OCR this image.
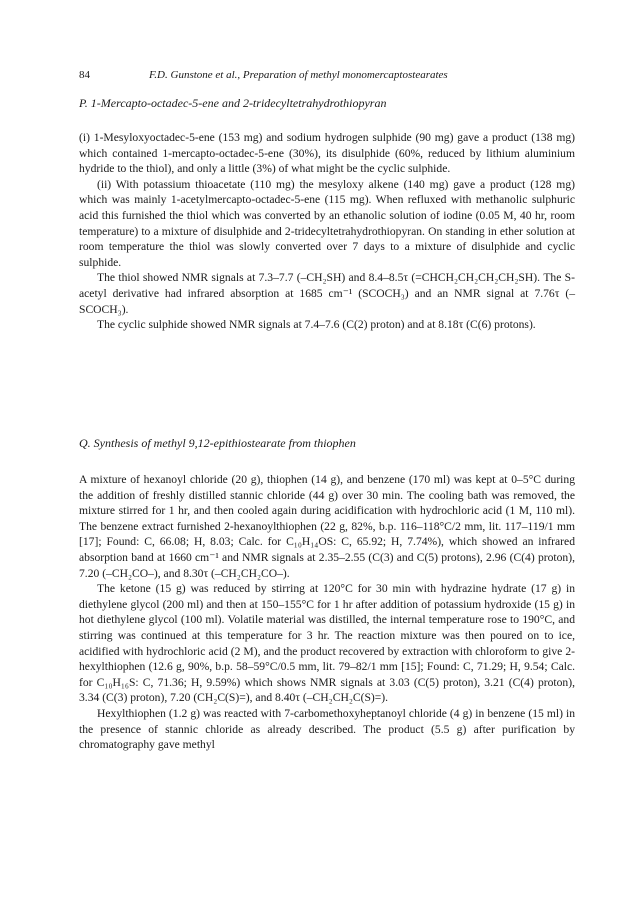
84	F.D. Gunstone et al., Preparation of methyl monomercaptostearates
P. 1-Mercapto-octadec-5-ene and 2-tridecyltetrahydrothiopyran

(i) 1-Mesyloxyoctadec-5-ene (153 mg) and sodium hydrogen sulphide (90 mg) gave a product (138 mg) which contained 1-mercapto-octadec-5-ene (30%), its disulphide (60%, reduced by lithium aluminium hydride to the thiol), and only a little (3%) of what might be the cyclic sulphide.

(ii) With potassium thioacetate (110 mg) the mesyloxy alkene (140 mg) gave a product (128 mg) which was mainly 1-acetylmercapto-octadec-5-ene (115 mg). When refluxed with methanolic sulphuric acid this furnished the thiol which was converted by an ethanolic solution of iodine (0.05 M, 40 hr, room temperature) to a mixture of disulphide and 2-tridecyltetrahydrothiopyran. On standing in ether solution at room temperature the thiol was slowly converted over 7 days to a mixture of disulphide and cyclic sulphide.

The thiol showed NMR signals at 7.3–7.7 (–CH₂SH) and 8.4–8.5τ (=CHCH₂CH₂CH₂CH₂SH). The S-acetyl derivative had infrared absorption at 1685 cm⁻¹ (SCOCH₃) and an NMR signal at 7.76τ (–SCOCH₃).

The cyclic sulphide showed NMR signals at 7.4–7.6 (C(2) proton) and at 8.18τ (C(6) protons).

Q. Synthesis of methyl 9,12-epithiostearate from thiophen

A mixture of hexanoyl chloride (20 g), thiophen (14 g), and benzene (170 ml) was kept at 0–5°C during the addition of freshly distilled stannic chloride (44 g) over 30 min. The cooling bath was removed, the mixture stirred for 1 hr, and then cooled again during acidification with hydrochloric acid (1 M, 110 ml). The benzene extract furnished 2-hexanoylthiophen (22 g, 82%, b.p. 116–118°C/2 mm, lit. 117–119/1 mm [17]; Found: C, 66.08; H, 8.03; Calc. for C₁₀H₁₄OS: C, 65.92; H, 7.74%), which showed an infrared absorption band at 1660 cm⁻¹ and NMR signals at 2.35–2.55 (C(3) and C(5) protons), 2.96 (C(4) proton), 7.20 (–CH₂CO–), and 8.30τ (–CH₂CH₂CO–).

The ketone (15 g) was reduced by stirring at 120°C for 30 min with hydrazine hydrate (17 g) in diethylene glycol (200 ml) and then at 150–155°C for 1 hr after addition of potassium hydroxide (15 g) in hot diethylene glycol (100 ml). Volatile material was distilled, the internal temperature rose to 190°C, and stirring was continued at this temperature for 3 hr. The reaction mixture was then poured on to ice, acidified with hydrochloric acid (2 M), and the product recovered by extraction with chloroform to give 2-hexylthiophen (12.6 g, 90%, b.p. 58–59°C/0.5 mm, lit. 79–82/1 mm [15]; Found: C, 71.29; H, 9.54; Calc. for C₁₀H₁₆S: C, 71.36; H, 9.59%) which shows NMR signals at 3.03 (C(5) proton), 3.21 (C(4) proton), 3.34 (C(3) proton), 7.20 (CH₂C(S)=), and 8.40τ (–CH₂CH₂C(S)=).

Hexylthiophen (1.2 g) was reacted with 7-carbomethoxyheptanoyl chloride (4 g) in benzene (15 ml) in the presence of stannic chloride as already described. The product (5.5 g) after purification by chromatography gave methyl
